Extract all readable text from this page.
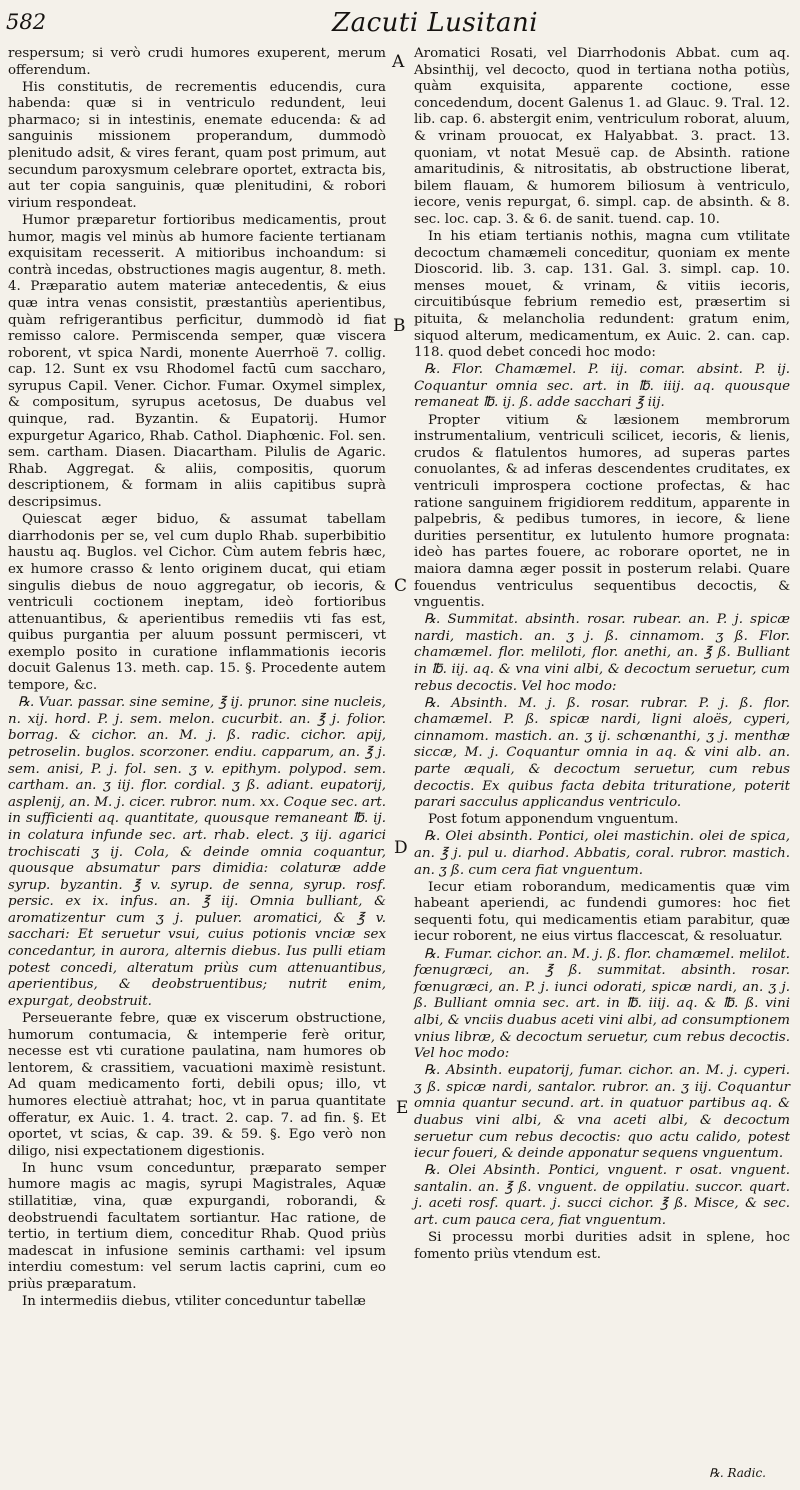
582	Zacuti Lusitani

respersum; si verò crudi humores exuperent, merum offerendum.

His constitutis, de recrementis educendis, cura habenda: quæ si in ventriculo redundent, leui pharmaco; si in intestinis, enemate educenda: & ad sanguinis missionem properandum, dummodò plenitudo adsit, & vires ferant, quam post primum, aut secundum paroxysmum celebrare oportet, extracta bis, aut ter copia sanguinis, quæ plenitudini, & robori virium respondeat.

Humor præparetur fortioribus medicamentis, prout humor, magis vel minùs ab humore faciente tertianam exquisitam recesserit. A mitioribus inchoandum: si contrà incedas, obstructiones magis augentur, 8. meth. 4. Præparatio autem materiæ antecedentis, & eius quæ intra venas consistit, præstantiùs aperientibus, quàm refrigerantibus perficitur, dummodò id fiat remisso calore. Permiscenda semper, quæ viscera roborent, vt spica Nardi, monente Auerrhoë 7. collig. cap. 12. Sunt ex vsu Rhodomel factū cum saccharo, syrupus Capil. Vener. Cichor. Fumar. Oxymel simplex, & compositum, syrupus acetosus, De duabus vel quinque, rad. Byzantin. & Eupatorij. Humor expurgetur Agarico, Rhab. Cathol. Diaphœnic. Fol. sen. sem. cartham. Diasen. Diacartham. Pilulis de Agaric. Rhab. Aggregat. & aliis, compositis, quorum descriptionem, & formam in aliis capitibus suprà descripsimus.

Quiescat æger biduo, & assumat tabellam diarrhodonis per se, vel cum duplo Rhab. superbibitio haustu aq. Buglos. vel Cichor. Cùm autem febris hæc, ex humore crasso & lento originem ducat, qui etiam singulis diebus de nouo aggregatur, ob iecoris, & ventriculi coctionem ineptam, ideò fortioribus attenuantibus, & aperientibus remediis vti fas est, quibus purgantia per aluum possunt permisceri, vt exemplo posito in curatione inflammationis iecoris docuit Galenus 13. meth. cap. 15. §. Procedente autem tempore, &c.

℞. Vuar. passar. sine semine, ℥ ij. prunor. sine nucleis, n. xij. hord. P. j. sem. melon. cucurbit. an. ℥ j. folior. borrag. & cichor. an. M. j. ß. radic. cichor. apij, petroselin. buglos. scorzoner. endiu. capparum, an. ℥ j. sem. anisi, P. j. fol. sen. ʒ v. epithym. polypod. sem. cartham. an. ʒ iij. flor. cordial. ʒ ß. adiant. eupatorij, asplenij, an. M. j. cicer. rubror. num. xx. Coque sec. art. in sufficienti aq. quantitate, quousque remaneant ℔. ij. in colatura infunde sec. art. rhab. elect. ʒ iij. agarici trochiscati ʒ ij. Cola, & deinde omnia coquantur, quousque absumatur pars dimidia: colaturæ adde syrup. byzantin. ℥ v. syrup. de senna, syrup. rosf. persic. ex ix. infus. an. ℥ iij. Omnia bulliant, & aromatizentur cum ʒ j. puluer. aromatici, & ℥ v. sacchari: Et seruetur vsui, cuius potionis vnciæ sex concedantur, in aurora, alternis diebus. Ius pulli etiam potest concedi, alteratum priùs cum attenuantibus, aperientibus, & deobstruentibus; nutrit enim, expurgat, deobstruit.

Perseuerante febre, quæ ex viscerum obstructione, humorum contumacia, & intemperie ferè oritur, necesse est vti curatione paulatina, nam humores ob lentorem, & crassitiem, vacuationi maximè resistunt. Ad quam medicamento forti, debili opus; illo, vt humores electiuè attrahat; hoc, vt in parua quantitate offeratur, ex Auic. 1. 4. tract. 2. cap. 7. ad fin. §. Et oportet, vt scias, & cap. 39. & 59. §. Ego verò non diligo, nisi expectationem digestionis.

In hunc vsum conceduntur, præparato semper humore magis ac magis, syrupi Magistrales, Aquæ stillatitiæ, vina, quæ expurgandi, roborandi, & deobstruendi facultatem sortiantur. Hac ratione, de tertio, in tertium diem, conceditur Rhab. Quod priùs madescat in infusione seminis carthami: vel ipsum interdiu comestum: vel serum lactis caprini, cum eo priùs præparatum.

In intermediis diebus, vtiliter conceduntur tabellæ

A
B
C
D
E

Aromatici Rosati, vel Diarrhodonis Abbat. cum aq. Absinthij, vel decocto, quod in tertiana notha potiùs, quàm exquisita, apparente coctione, esse concedendum, docent Galenus 1. ad Glauc. 9. Tral. 12. lib. cap. 6. abstergit enim, ventriculum roborat, aluum, & vrinam prouocat, ex Halyabbat. 3. pract. 13. quoniam, vt notat Mesuë cap. de Absinth. ratione amaritudinis, & nitrositatis, ab obstructione liberat, bilem flauam, & humorem biliosum à ventriculo, iecore, venis repurgat, 6. simpl. cap. de absinth. & 8. sec. loc. cap. 3. & 6. de sanit. tuend. cap. 10.

In his etiam tertianis nothis, magna cum vtilitate decoctum chamæmeli conceditur, quoniam ex mente Dioscorid. lib. 3. cap. 131. Gal. 3. simpl. cap. 10. menses mouet, & vrinam, & vitiis iecoris, circuitibúsque febrium remedio est, præsertim si pituita, & melancholia redundent: gratum enim, siquod alterum, medicamentum, ex Auic. 2. can. cap. 118. quod debet concedi hoc modo:

℞. Flor. Chamæmel. P. iij. comar. absint. P. ij. Coquantur omnia sec. art. in ℔. iiij. aq. quousque remaneat ℔. ij. ß. adde sacchari ℥ iij.

Propter vitium & læsionem membrorum instrumentalium, ventriculi scilicet, iecoris, & lienis, crudos & flatulentos humores, ad superas partes conuolantes, & ad inferas descendentes cruditates, ex ventriculi improspera coctione profectas, & hac ratione sanguinem frigidiorem redditum, apparente in palpebris, & pedibus tumores, in iecore, & liene durities persentitur, ex lutulento humore prognata: ideò has partes fouere, ac roborare oportet, ne in maiora damna æger possit in posterum relabi. Quare fouendus ventriculus sequentibus decoctis, & vnguentis.

℞. Summitat. absinth. rosar. rubear. an. P. j. spicæ nardi, mastich. an. ʒ j. ß. cinnamom. ʒ ß. Flor. chamæmel. flor. meliloti, flor. anethi, an. ℥ ß. Bulliant in ℔. iij. aq. & vna vini albi, & decoctum seruetur, cum rebus decoctis. Vel hoc modo:

℞. Absinth. M. j. ß. rosar. rubrar. P. j. ß. flor. chamæmel. P. ß. spicæ nardi, ligni aloës, cyperi, cinnamom. mastich. an. ʒ ij. schœnanthi, ʒ j. menthæ siccæ, M. j. Coquantur omnia in aq. & vini alb. an. parte æquali, & decoctum seruetur, cum rebus decoctis. Ex quibus facta debita trituratione, poterit parari sacculus applicandus ventriculo.

Post fotum apponendum vnguentum.

℞. Olei absinth. Pontici, olei mastichin. olei de spica, an. ℥ j. pul u. diarhod. Abbatis, coral. rubror. mastich. an. ʒ ß. cum cera fiat vnguentum.

Iecur etiam roborandum, medicamentis quæ vim habeant aperiendi, ac fundendi gumores: hoc fiet sequenti fotu, qui medicamentis etiam parabitur, quæ iecur roborent, ne eius virtus flaccescat, & resoluatur.

℞. Fumar. cichor. an. M. j. ß. flor. chamæmel. melilot. fœnugræci, an. ℥ ß. summitat. absinth. rosar. fœnugræci, an. P. j. iunci odorati, spicæ nardi, an. ʒ j. ß. Bulliant omnia sec. art. in ℔. iiij. aq. & ℔. ß. vini albi, & vnciis duabus aceti vini albi, ad consumptionem vnius libræ, & decoctum seruetur, cum rebus decoctis. Vel hoc modo:

℞. Absinth. eupatorij, fumar. cichor. an. M. j. cyperi. ʒ ß. spicæ nardi, santalor. rubror. an. ʒ iij. Coquantur omnia quantur secund. art. in quatuor partibus aq. & duabus vini albi, & vna aceti albi, & decoctum seruetur cum rebus decoctis: quo actu calido, potest iecur foueri, & deinde apponatur sequens vnguentum.

℞. Olei Absinth. Pontici, vnguent. r osat. vnguent. santalin. an. ℥ ß. vnguent. de oppilatiu. succor. quart. j. aceti rosf. quart. j. succi cichor. ℥ ß. Misce, & sec. art. cum pauca cera, fiat vnguentum.

Si processu morbi durities adsit in splene, hoc fomento priùs vtendum est.

℞. Radic.
